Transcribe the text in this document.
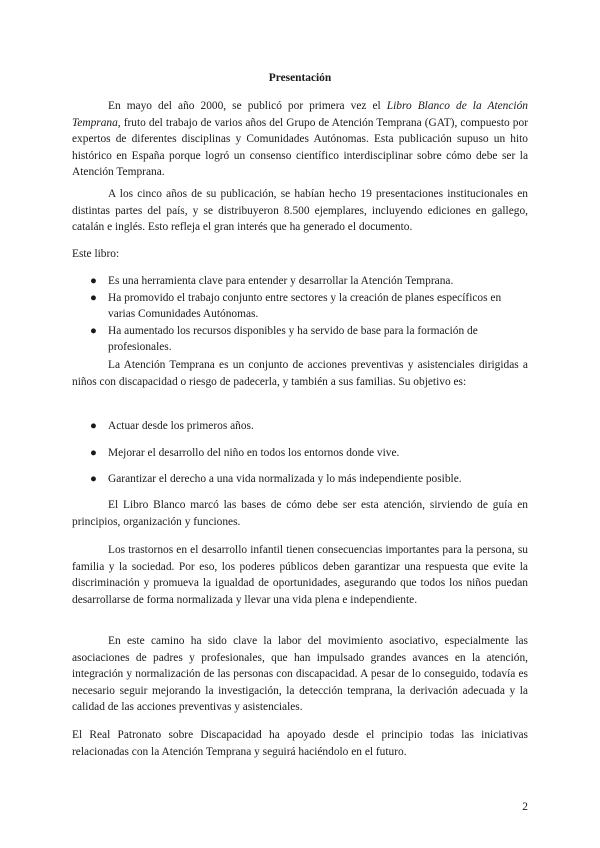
Presentación

En mayo del año 2000, se publicó por primera vez el Libro Blanco de la Atención Temprana, fruto del trabajo de varios años del Grupo de Atención Temprana (GAT), compuesto por expertos de diferentes disciplinas y Comunidades Autónomas. Esta publicación supuso un hito histórico en España porque logró un consenso científico interdisciplinar sobre cómo debe ser la Atención Temprana.

A los cinco años de su publicación, se habían hecho 19 presentaciones institucionales en distintas partes del país, y se distribuyeron 8.500 ejemplares, incluyendo ediciones en gallego, catalán e inglés. Esto refleja el gran interés que ha generado el documento.

Este libro:

● Es una herramienta clave para entender y desarrollar la Atención Temprana.
● Ha promovido el trabajo conjunto entre sectores y la creación de planes específicos en varias Comunidades Autónomas.
● Ha aumentado los recursos disponibles y ha servido de base para la formación de profesionales.

La Atención Temprana es un conjunto de acciones preventivas y asistenciales dirigidas a niños con discapacidad o riesgo de padecerla, y también a sus familias. Su objetivo es:

● Actuar desde los primeros años.
● Mejorar el desarrollo del niño en todos los entornos donde vive.
● Garantizar el derecho a una vida normalizada y lo más independiente posible.

El Libro Blanco marcó las bases de cómo debe ser esta atención, sirviendo de guía en principios, organización y funciones.

Los trastornos en el desarrollo infantil tienen consecuencias importantes para la persona, su familia y la sociedad. Por eso, los poderes públicos deben garantizar una respuesta que evite la discriminación y promueva la igualdad de oportunidades, asegurando que todos los niños puedan desarrollarse de forma normalizada y llevar una vida plena e independiente.

En este camino ha sido clave la labor del movimiento asociativo, especialmente las asociaciones de padres y profesionales, que han impulsado grandes avances en la atención, integración y normalización de las personas con discapacidad. A pesar de lo conseguido, todavía es necesario seguir mejorando la investigación, la detección temprana, la derivación adecuada y la calidad de las acciones preventivas y asistenciales.

El Real Patronato sobre Discapacidad ha apoyado desde el principio todas las iniciativas relacionadas con la Atención Temprana y seguirá haciéndolo en el futuro.

2
